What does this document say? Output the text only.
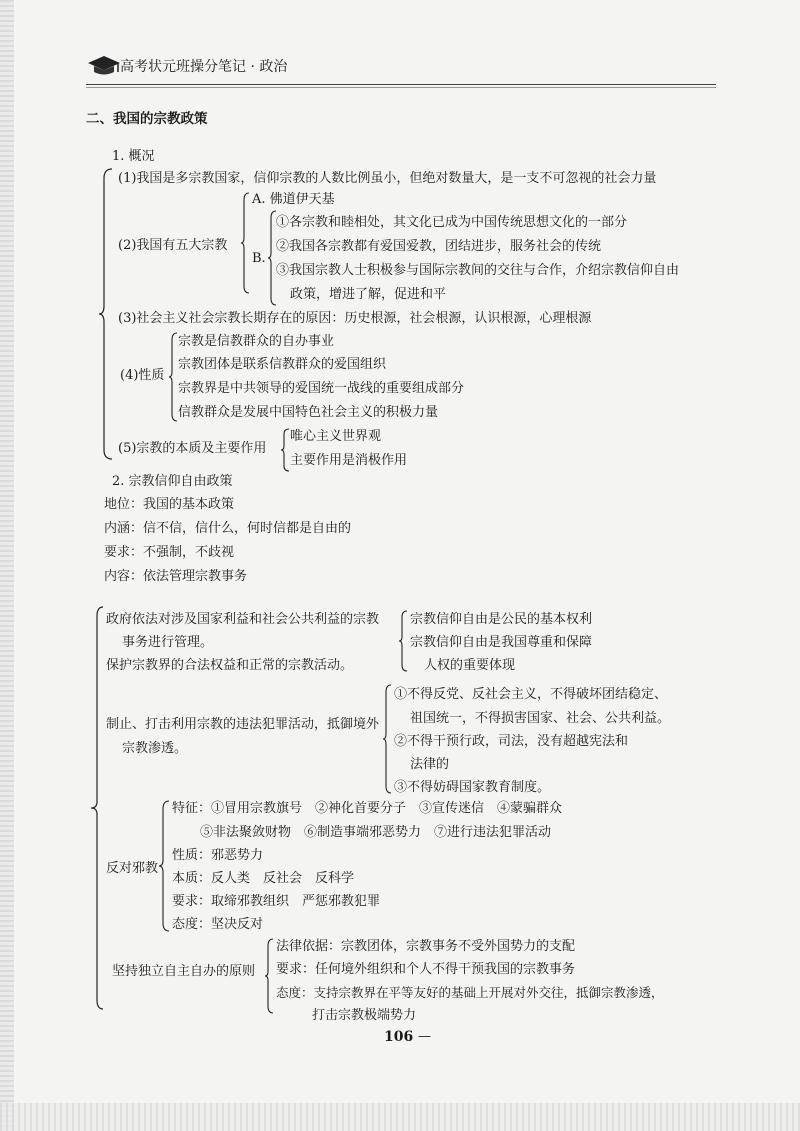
高考状元班操分笔记 · 政治
二、我国的宗教政策
1. 概况
(1)我国是多宗教国家，信仰宗教的人数比例虽小，但绝对数量大，是一支不可忽视的社会力量
(2)我国有五大宗教
A. 佛道伊天基
B.
①各宗教和睦相处，其文化已成为中国传统思想文化的一部分
②我国各宗教都有爱国爱教，团结进步，服务社会的传统
③我国宗教人士积极参与国际宗教间的交往与合作，介绍宗教信仰自由
政策，增进了解，促进和平
(3)社会主义社会宗教长期存在的原因：历史根源，社会根源，认识根源，心理根源
(4)性质
宗教是信教群众的自办事业
宗教团体是联系信教群众的爱国组织
宗教界是中共领导的爱国统一战线的重要组成部分
信教群众是发展中国特色社会主义的积极力量
(5)宗教的本质及主要作用
唯心主义世界观
主要作用是消极作用
2. 宗教信仰自由政策
地位：我国的基本政策
内涵：信不信，信什么，何时信都是自由的
要求：不强制，不歧视
内容：依法管理宗教事务
政府依法对涉及国家利益和社会公共利益的宗教
事务进行管理。
宗教信仰自由是公民的基本权利
宗教信仰自由是我国尊重和保障
人权的重要体现
保护宗教界的合法权益和正常的宗教活动。
制止、打击利用宗教的违法犯罪活动，抵御境外
宗教渗透。
①不得反党、反社会主义，不得破坏团结稳定、
祖国统一，不得损害国家、社会、公共利益。
②不得干预行政，司法，没有超越宪法和
法律的
③不得妨碍国家教育制度。
反对邪教
特征：①冒用宗教旗号　②神化首要分子　③宣传迷信　④蒙骗群众
⑤非法聚敛财物　⑥制造事端邪恶势力　⑦进行违法犯罪活动
性质：邪恶势力
本质：反人类　反社会　反科学
要求：取缔邪教组织　严惩邪教犯罪
态度：坚决反对
坚持独立自主自办的原则
法律依据：宗教团体，宗教事务不受外国势力的支配
要求：任何境外组织和个人不得干预我国的宗教事务
态度：支持宗教界在平等友好的基础上开展对外交往，抵御宗教渗透，
打击宗教极端势力
106 —
